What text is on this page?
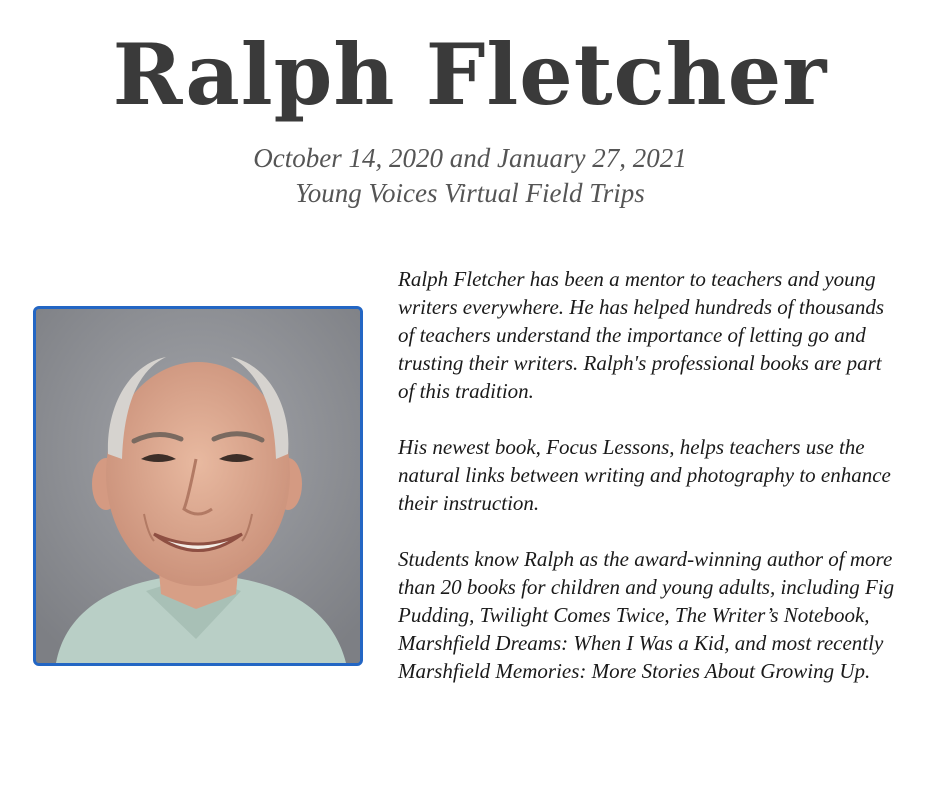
Ralph Fletcher

October 14, 2020 and January 27, 2021

Young Voices Virtual Field Trips

Ralph Fletcher has been a mentor to teachers and young writers everywhere. He has helped hundreds of thousands of teachers understand the importance of letting go and trusting their writers. Ralph's professional books are part of this tradition.

His newest book, Focus Lessons, helps teachers use the natural links between writing and photography to enhance their instruction.

Students know Ralph as the award-winning author of more than 20 books for children and young adults, including Fig Pudding, Twilight Comes Twice, The Writer’s Notebook, Marshfield Dreams: When I Was a Kid, and most recently Marshfield Memories: More Stories About Growing Up.
